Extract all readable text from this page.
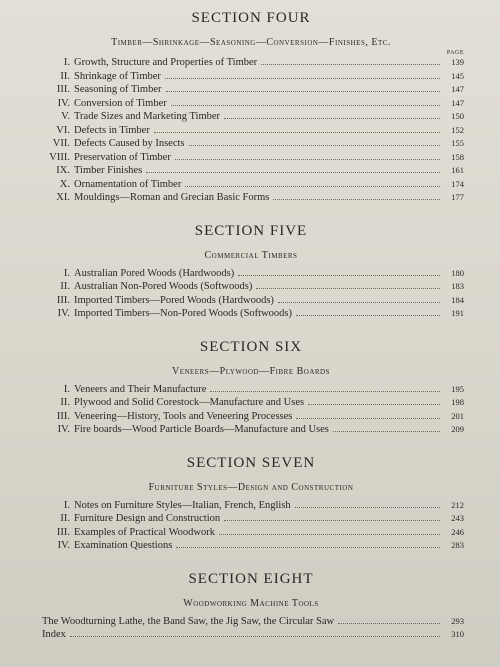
SECTION FOUR
Timber—Shrinkage—Seasoning—Conversion—Finishes, Etc.
PAGE
I. Growth, Structure and Properties of Timber	139
II. Shrinkage of Timber	145
III. Seasoning of Timber	147
IV. Conversion of Timber	147
V. Trade Sizes and Marketing Timber	150
VI. Defects in Timber	152
VII. Defects Caused by Insects	155
VIII. Preservation of Timber	158
IX. Timber Finishes	161
X. Ornamentation of Timber	174
XI. Mouldings—Roman and Grecian Basic Forms	177
SECTION FIVE
Commercial Timbers
I. Australian Pored Woods (Hardwoods)	180
II. Australian Non-Pored Woods (Softwoods)	183
III. Imported Timbers—Pored Woods (Hardwoods)	184
IV. Imported Timbers—Non-Pored Woods (Softwoods)	191
SECTION SIX
Veneers—Plywood—Fibre Boards
I. Veneers and Their Manufacture	195
II. Plywood and Solid Corestock—Manufacture and Uses	198
III. Veneering—History, Tools and Veneering Processes	201
IV. Fire boards—Wood Particle Boards—Manufacture and Uses	209
SECTION SEVEN
Furniture Styles—Design and Construction
I. Notes on Furniture Styles—Italian, French, English	212
II. Furniture Design and Construction	243
III. Examples of Practical Woodwork	246
IV. Examination Questions	283
SECTION EIGHT
Woodworking Machine Tools
The Woodturning Lathe, the Band Saw, the Jig Saw, the Circular Saw	293
Index	310
